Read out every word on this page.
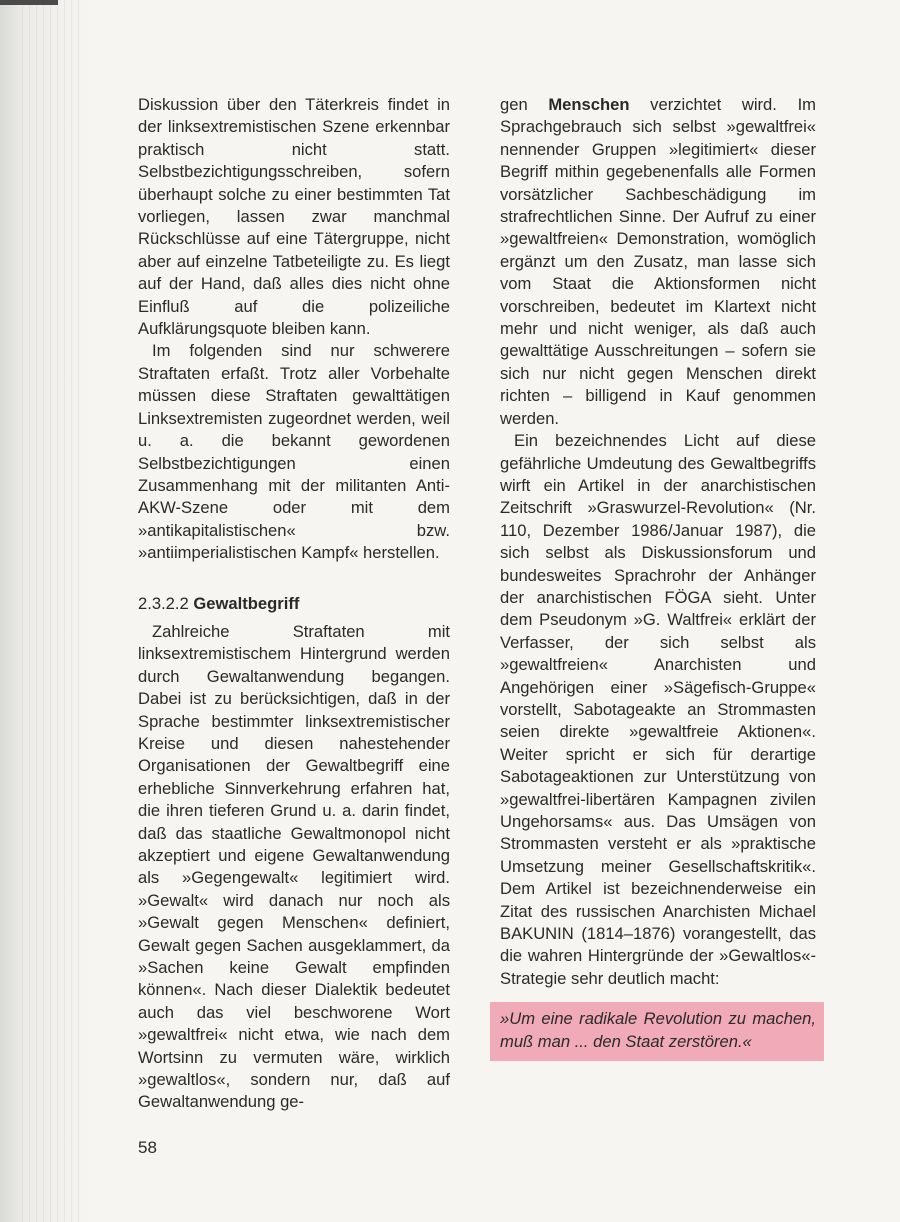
Diskussion über den Täterkreis findet in der linksextremistischen Szene erkennbar praktisch nicht statt. Selbstbezichtigungsschreiben, sofern überhaupt solche zu einer bestimmten Tat vorliegen, lassen zwar manchmal Rückschlüsse auf eine Tätergruppe, nicht aber auf einzelne Tatbeteiligte zu. Es liegt auf der Hand, daß alles dies nicht ohne Einfluß auf die polizeiliche Aufklärungsquote bleiben kann.

Im folgenden sind nur schwerere Straftaten erfaßt. Trotz aller Vorbehalte müssen diese Straftaten gewalttätigen Linksextremisten zugeordnet werden, weil u. a. die bekannt gewordenen Selbstbezichtigungen einen Zusammenhang mit der militanten Anti-AKW-Szene oder mit dem »antikapitalistischen« bzw. »antiimperialistischen Kampf« herstellen.

2.3.2.2 Gewaltbegriff

Zahlreiche Straftaten mit linksextremistischem Hintergrund werden durch Gewaltanwendung begangen. Dabei ist zu berücksichtigen, daß in der Sprache bestimmter linksextremistischer Kreise und diesen nahestehender Organisationen der Gewaltbegriff eine erhebliche Sinnverkehrung erfahren hat, die ihren tieferen Grund u. a. darin findet, daß das staatliche Gewaltmonopol nicht akzeptiert und eigene Gewaltanwendung als »Gegengewalt« legitimiert wird. »Gewalt« wird danach nur noch als »Gewalt gegen Menschen« definiert, Gewalt gegen Sachen ausgeklammert, da »Sachen keine Gewalt empfinden können«. Nach dieser Dialektik bedeutet auch das viel beschworene Wort »gewaltfrei« nicht etwa, wie nach dem Wortsinn zu vermuten wäre, wirklich »gewaltlos«, sondern nur, daß auf Gewaltanwendung ge-

gen Menschen verzichtet wird. Im Sprachgebrauch sich selbst »gewaltfrei« nennender Gruppen »legitimiert« dieser Begriff mithin gegebenenfalls alle Formen vorsätzlicher Sachbeschädigung im strafrechtlichen Sinne. Der Aufruf zu einer »gewaltfreien« Demonstration, womöglich ergänzt um den Zusatz, man lasse sich vom Staat die Aktionsformen nicht vorschreiben, bedeutet im Klartext nicht mehr und nicht weniger, als daß auch gewalttätige Ausschreitungen – sofern sie sich nur nicht gegen Menschen direkt richten – billigend in Kauf genommen werden.

Ein bezeichnendes Licht auf diese gefährliche Umdeutung des Gewaltbegriffs wirft ein Artikel in der anarchistischen Zeitschrift »Graswurzel-Revolution« (Nr. 110, Dezember 1986/Januar 1987), die sich selbst als Diskussionsforum und bundesweites Sprachrohr der Anhänger der anarchistischen FÖGA sieht. Unter dem Pseudonym »G. Waltfrei« erklärt der Verfasser, der sich selbst als »gewaltfreien« Anarchisten und Angehörigen einer »Sägefisch-Gruppe« vorstellt, Sabotageakte an Strommasten seien direkte »gewaltfreie Aktionen«. Weiter spricht er sich für derartige Sabotageaktionen zur Unterstützung von »gewaltfrei-libertären Kampagnen zivilen Ungehorsams« aus. Das Umsägen von Strommasten versteht er als »praktische Umsetzung meiner Gesellschaftskritik«. Dem Artikel ist bezeichnenderweise ein Zitat des russischen Anarchisten Michael BAKUNIN (1814–1876) vorangestellt, das die wahren Hintergründe der »Gewaltlos«-Strategie sehr deutlich macht:

»Um eine radikale Revolution zu machen, muß man ... den Staat zerstören.«
58
